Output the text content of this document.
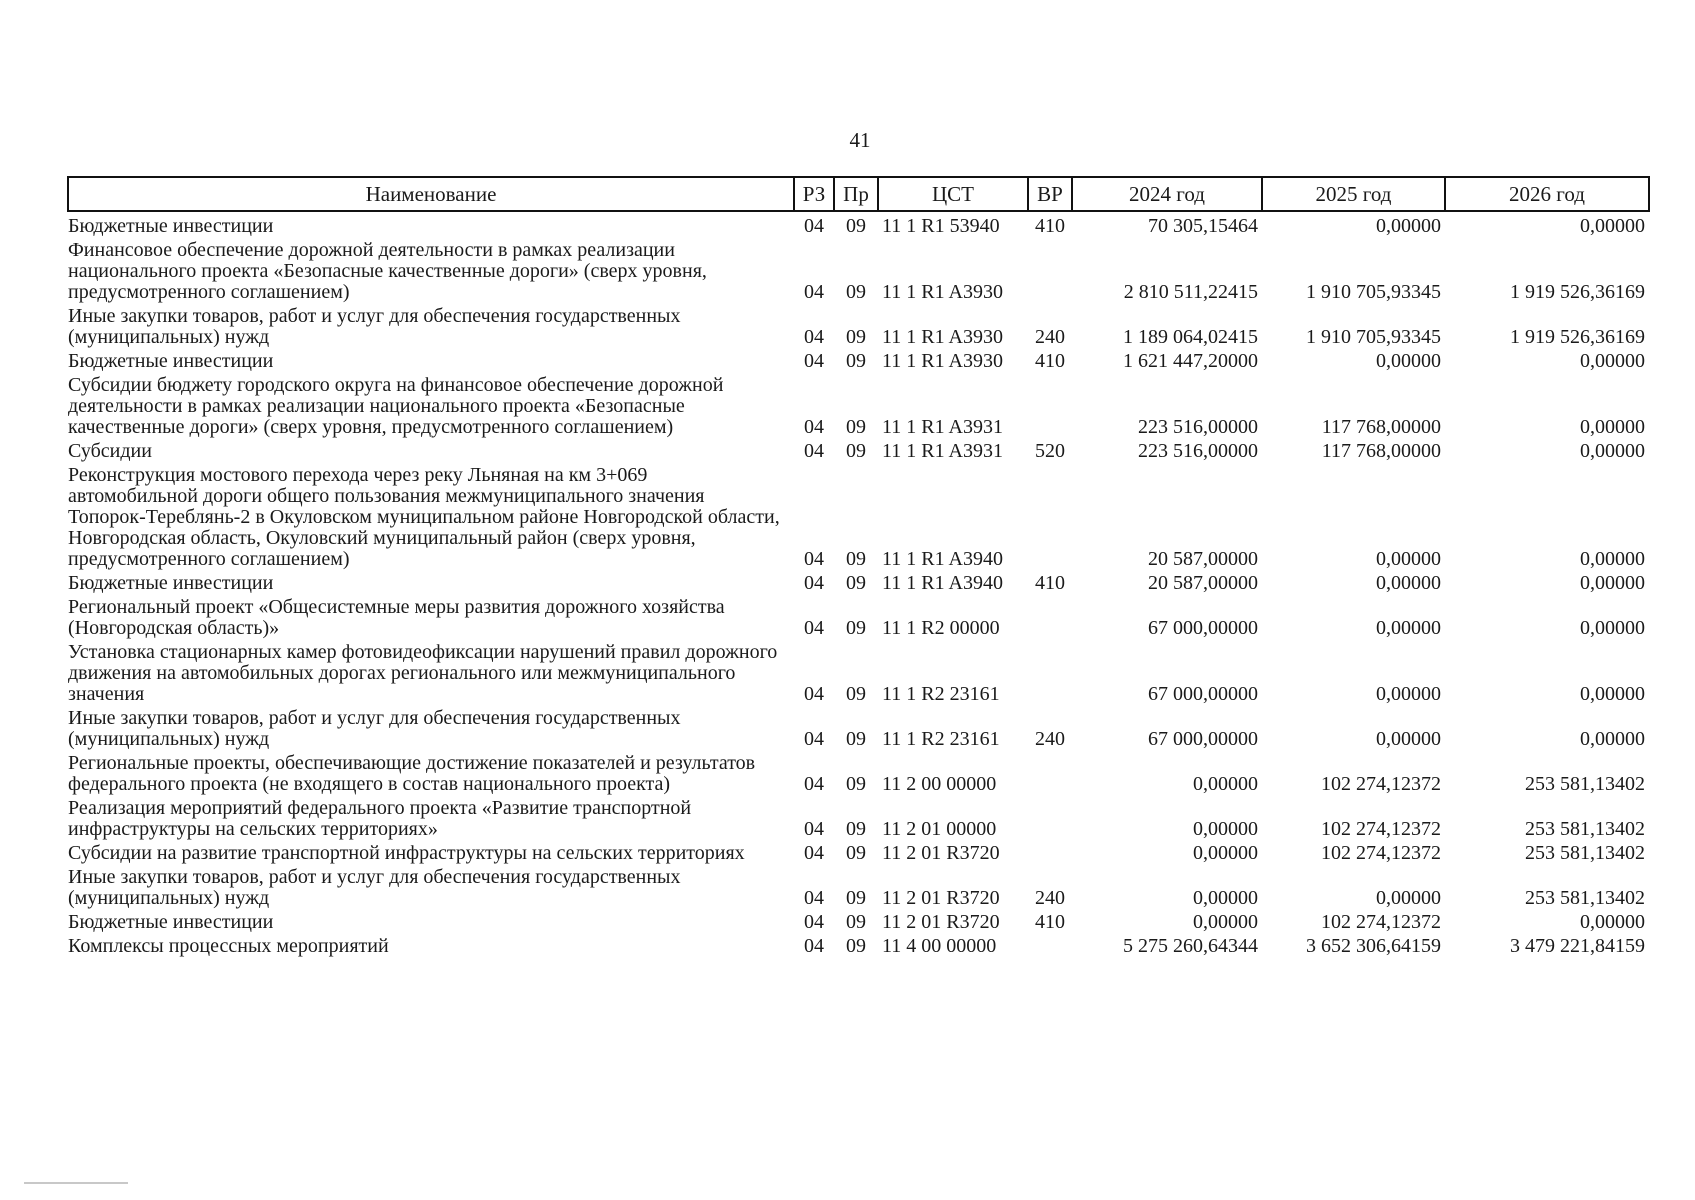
41
Наименование	РЗ	Пр	ЦСТ	ВР	2024 год	2025 год	2026 год
Бюджетные инвестиции	04	09	11 1 R1 53940	410	70 305,15464	0,00000	0,00000
Финансовое обеспечение дорожной деятельности в рамках реализации национального проекта «Безопасные качественные дороги» (сверх уровня, предусмотренного соглашением)	04	09	11 1 R1 A3930		2 810 511,22415	1 910 705,93345	1 919 526,36169
Иные закупки товаров, работ и услуг для обеспечения государственных (муниципальных) нужд	04	09	11 1 R1 A3930	240	1 189 064,02415	1 910 705,93345	1 919 526,36169
Бюджетные инвестиции	04	09	11 1 R1 A3930	410	1 621 447,20000	0,00000	0,00000
Субсидии бюджету городского округа на финансовое обеспечение дорожной деятельности в рамках реализации национального проекта «Безопасные качественные дороги» (сверх уровня, предусмотренного соглашением)	04	09	11 1 R1 A3931		223 516,00000	117 768,00000	0,00000
Субсидии	04	09	11 1 R1 A3931	520	223 516,00000	117 768,00000	0,00000
Реконструкция мостового перехода через реку Льняная на км 3+069 автомобильной дороги общего пользования межмуниципального значения Топорок-Тереблянь-2 в Окуловском муниципальном районе Новгородской области, Новгородская область, Окуловский муниципальный район (сверх уровня, предусмотренного соглашением)	04	09	11 1 R1 A3940		20 587,00000	0,00000	0,00000
Бюджетные инвестиции	04	09	11 1 R1 A3940	410	20 587,00000	0,00000	0,00000
Региональный проект «Общесистемные меры развития дорожного хозяйства (Новгородская область)»	04	09	11 1 R2 00000		67 000,00000	0,00000	0,00000
Установка стационарных камер фотовидеофиксации нарушений правил дорожного движения на автомобильных дорогах регионального или межмуниципального значения	04	09	11 1 R2 23161		67 000,00000	0,00000	0,00000
Иные закупки товаров, работ и услуг для обеспечения государственных (муниципальных) нужд	04	09	11 1 R2 23161	240	67 000,00000	0,00000	0,00000
Региональные проекты, обеспечивающие достижение показателей и результатов федерального проекта (не входящего в состав национального проекта)	04	09	11 2 00 00000		0,00000	102 274,12372	253 581,13402
Реализация мероприятий федерального проекта «Развитие транспортной инфраструктуры на сельских территориях»	04	09	11 2 01 00000		0,00000	102 274,12372	253 581,13402
Субсидии на развитие транспортной инфраструктуры на сельских территориях	04	09	11 2 01 R3720		0,00000	102 274,12372	253 581,13402
Иные закупки товаров, работ и услуг для обеспечения государственных (муниципальных) нужд	04	09	11 2 01 R3720	240	0,00000	0,00000	253 581,13402
Бюджетные инвестиции	04	09	11 2 01 R3720	410	0,00000	102 274,12372	0,00000
Комплексы процессных мероприятий	04	09	11 4 00 00000		5 275 260,64344	3 652 306,64159	3 479 221,84159
